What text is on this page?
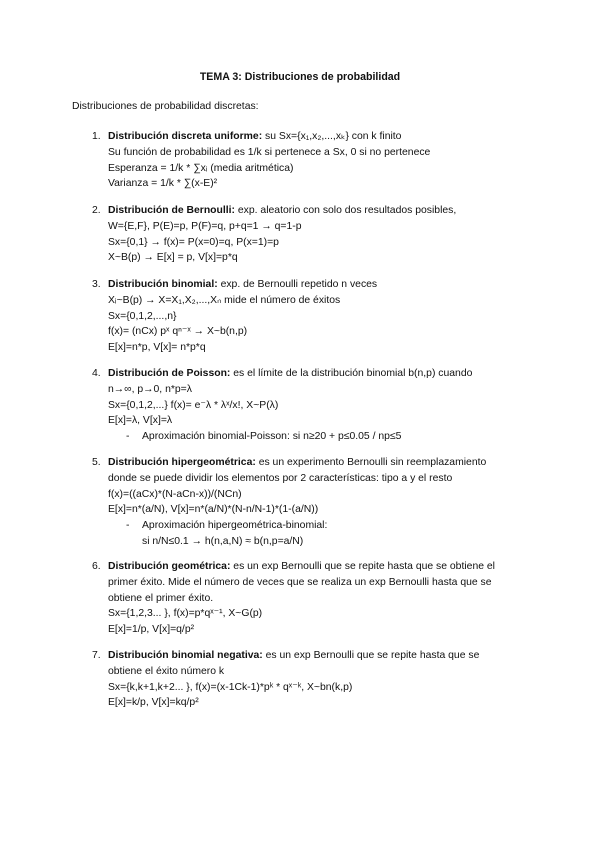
TEMA 3: Distribuciones de probabilidad
Distribuciones de probabilidad discretas:
1. Distribución discreta uniforme: su Sx={x₁,x₂,...,xₖ} con k finito
Su función de probabilidad es 1/k si pertenece a Sx, 0 si no pertenece
Esperanza = 1/k * ∑xᵢ (media aritmética)
Varianza = 1/k * ∑(x-E)²
2. Distribución de Bernoulli: exp. aleatorio con solo dos resultados posibles,
W={E,F}, P(E)=p, P(F)=q, p+q=1 → q=1-p
Sx={0,1} → f(x)= P(x=0)=q, P(x=1)=p
X~B(p) → E[x] = p, V[x]=p*q
3. Distribución binomial: exp. de Bernoulli repetido n veces
Xᵢ~B(p) → X=X₁,X₂,...,Xₙ mide el número de éxitos
Sx={0,1,2,...,n}
f(x)= (nCx) pˣ qⁿ⁻ˣ → X~b(n,p)
E[x]=n*p, V[x]= n*p*q
4. Distribución de Poisson: es el límite de la distribución binomial b(n,p) cuando
n→∞, p→0, n*p=λ
Sx={0,1,2,...} f(x)= e⁻λ * λˣ/x!, X~P(λ)
E[x]=λ, V[x]=λ
- Aproximación binomial-Poisson: si n≥20 + p≤0.05 / np≤5
5. Distribución hipergeométrica: es un experimento Bernoulli sin reemplazamiento
donde se puede dividir los elementos por 2 características: tipo a y el resto
f(x)=((aCx)*(N-aCn-x))/(NCn)
E[x]=n*(a/N), V[x]=n*(a/N)*(N-n/N-1)*(1-(a/N))
- Aproximación hipergeométrica-binomial:
si n/N≤0.1 → h(n,a,N) ≈ b(n,p=a/N)
6. Distribución geométrica: es un exp Bernoulli que se repite hasta que se obtiene el
primer éxito. Mide el número de veces que se realiza un exp Bernoulli hasta que se
obtiene el primer éxito.
Sx={1,2,3... }, f(x)=p*qˣ⁻¹, X~G(p)
E[x]=1/p, V[x]=q/p²
7. Distribución binomial negativa: es un exp Bernoulli que se repite hasta que se
obtiene el éxito número k
Sx={k,k+1,k+2... }, f(x)=(x-1Ck-1)*pᵏ * qˣ⁻ᵏ, X~bn(k,p)
E[x]=k/p, V[x]=kq/p²
